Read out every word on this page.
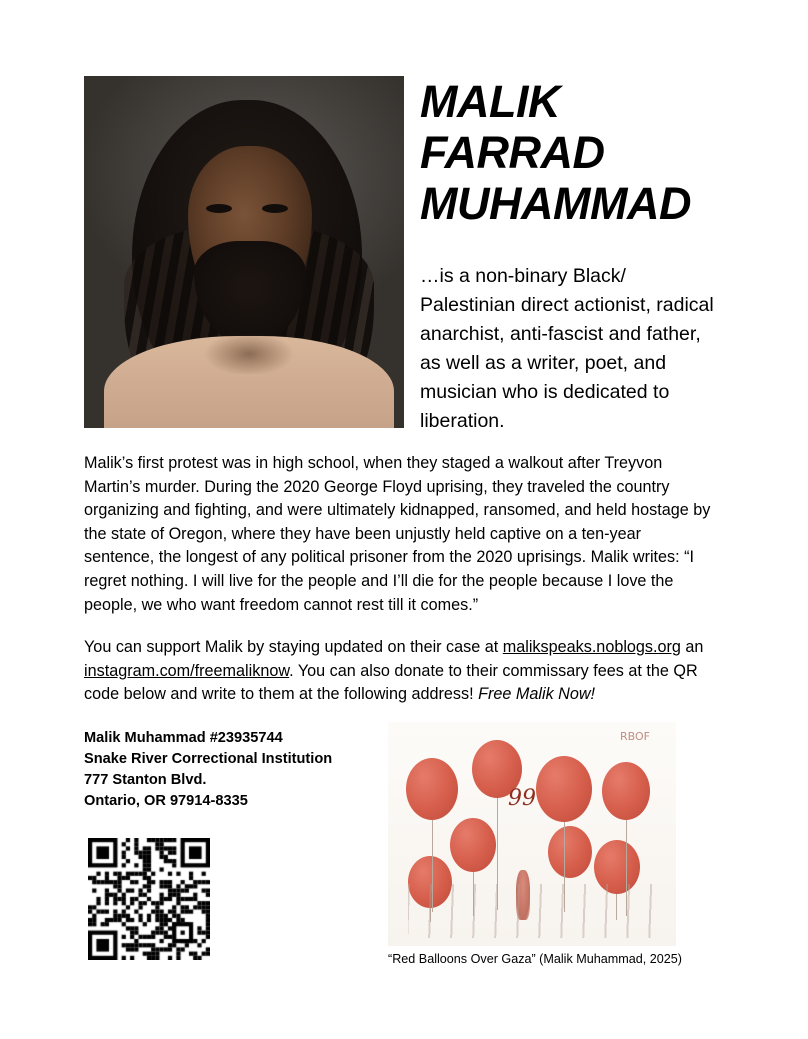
MALIK
FARRAD
MUHAMMAD
…is a non-binary Black/ Palestinian direct actionist, radical anarchist, anti-fascist and father, as well as a writer, poet, and musician who is dedicated to liberation.

Malik’s first protest was in high school, when they staged a walkout after Treyvon Martin’s murder. During the 2020 George Floyd uprising, they traveled the country organizing and fighting, and were ultimately kidnapped, ransomed, and held hostage by the state of Oregon, where they have been unjustly held captive on a ten-year sentence, the longest of any political prisoner from the 2020 uprisings. Malik writes: “I regret nothing. I will live for the people and I’ll die for the people because I love the people, we who want freedom cannot rest till it comes.”

You can support Malik by staying updated on their case at malikspeaks.noblogs.org an instagram.com/freemaliknow. You can also donate to their commissary fees at the QR code below and write to them at the following address! Free Malik Now!

Malik Muhammad #23935744
Snake River Correctional Institution
777 Stanton Blvd.
Ontario, OR 97914-8335
RBOF
99
“Red Balloons Over Gaza” (Malik Muhammad, 2025)
